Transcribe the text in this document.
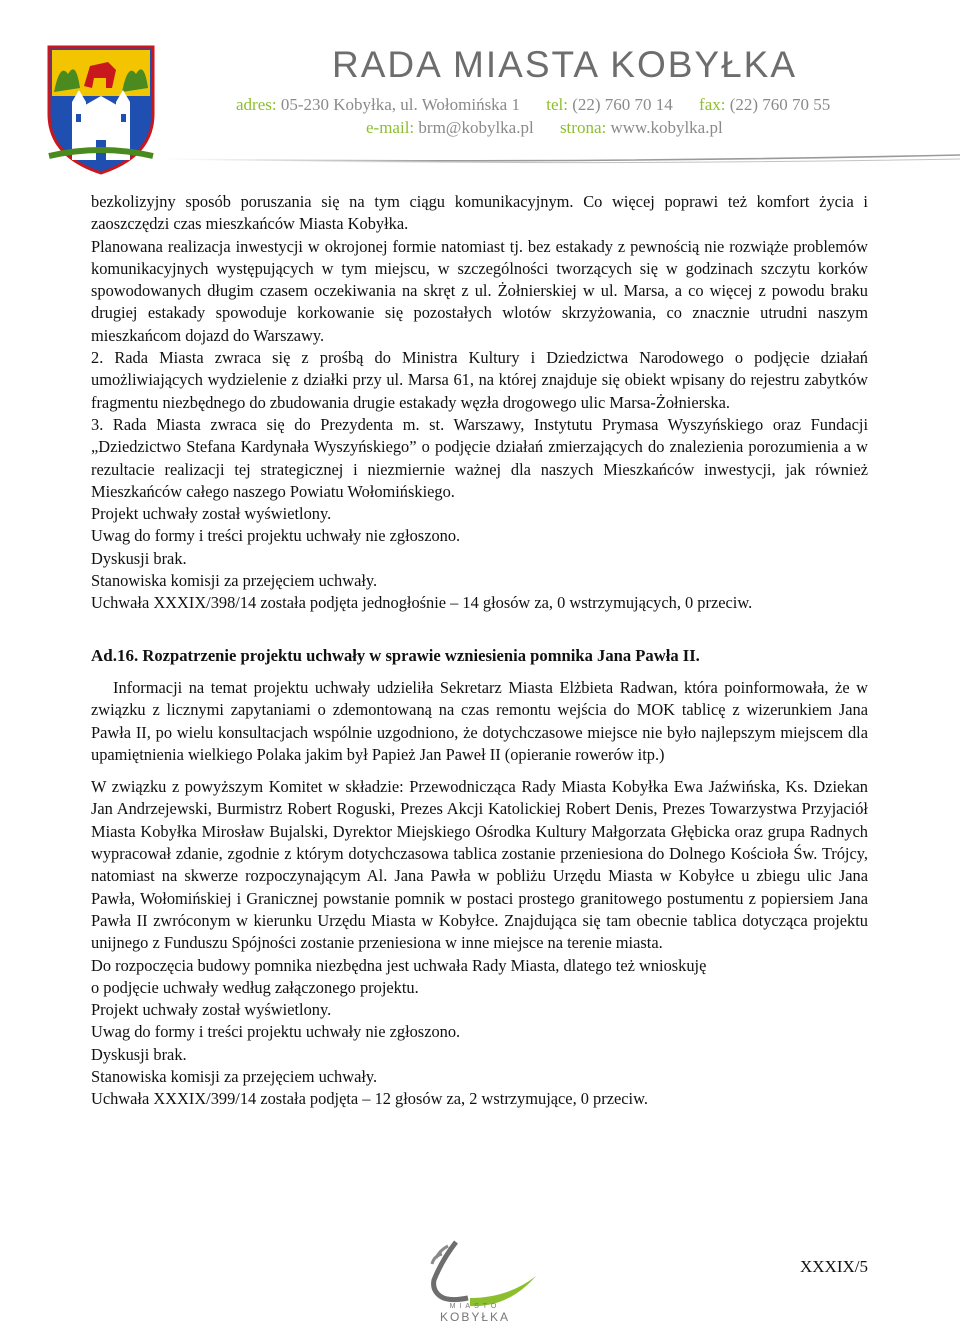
RADA MIASTA KOBYŁKA
adres: 05-230 Kobyłka, ul. Wołomińska 1 tel: (22) 760 70 14 fax: (22) 760 70 55
e-mail: brm@kobylka.pl strona: www.kobylka.pl

bezkolizyjny sposób poruszania się na tym ciągu komunikacyjnym. Co więcej poprawi też komfort życia i zaoszczędzi czas mieszkańców Miasta Kobyłka.

Planowana realizacja inwestycji w okrojonej formie natomiast tj. bez estakady z pewnością nie rozwiąże problemów komunikacyjnych występujących w tym miejscu, w szczególności tworzących się w godzinach szczytu korków spowodowanych długim czasem oczekiwania na skręt z ul. Żołnierskiej w ul. Marsa, a co więcej z powodu braku drugiej estakady spowoduje korkowanie się pozostałych wlotów skrzyżowania, co znacznie utrudni naszym mieszkańcom dojazd do Warszawy.

2. Rada Miasta zwraca się z prośbą do Ministra Kultury i Dziedzictwa Narodowego o podjęcie działań umożliwiających wydzielenie z działki przy ul. Marsa 61, na której znajduje się obiekt wpisany do rejestru zabytków fragmentu niezbędnego do zbudowania drugie estakady węzła drogowego ulic Marsa-Żołnierska.

3. Rada Miasta zwraca się do Prezydenta m. st. Warszawy, Instytutu Prymasa Wyszyńskiego oraz Fundacji „Dziedzictwo Stefana Kardynała Wyszyńskiego” o podjęcie działań zmierzających do znalezienia porozumienia a w rezultacie realizacji tej strategicznej i niezmiernie ważnej dla naszych Mieszkańców inwestycji, jak również Mieszkańców całego naszego Powiatu Wołomińskiego.

Projekt uchwały został wyświetlony.

Uwag do formy i treści projektu uchwały nie zgłoszono.

Dyskusji brak.

Stanowiska komisji za przejęciem uchwały.

Uchwała XXXIX/398/14 została podjęta jednogłośnie – 14 głosów za, 0 wstrzymujących, 0 przeciw.

Ad.16. Rozpatrzenie projektu uchwały w sprawie wzniesienia pomnika Jana Pawła II.

Informacji na temat projektu uchwały udzieliła Sekretarz Miasta Elżbieta Radwan, która poinformowała, że w związku z licznymi zapytaniami o zdemontowaną na czas remontu wejścia do MOK tablicę z wizerunkiem Jana Pawła II, po wielu konsultacjach wspólnie uzgodniono, że dotychczasowe miejsce nie było najlepszym miejscem dla upamiętnienia wielkiego Polaka jakim był Papież Jan Paweł II (opieranie rowerów itp.)

W związku z powyższym Komitet w składzie: Przewodnicząca Rady Miasta Kobyłka Ewa Jaźwińska, Ks. Dziekan Jan Andrzejewski, Burmistrz Robert Roguski, Prezes Akcji Katolickiej Robert Denis, Prezes Towarzystwa Przyjaciół Miasta Kobyłka Mirosław Bujalski, Dyrektor Miejskiego Ośrodka Kultury Małgorzata Głębicka oraz grupa Radnych wypracował zdanie, zgodnie z którym dotychczasowa tablica zostanie przeniesiona do Dolnego Kościoła Św. Trójcy, natomiast na skwerze rozpoczynającym Al. Jana Pawła w pobliżu Urzędu Miasta w Kobyłce u zbiegu ulic Jana Pawła, Wołomińskiej i Granicznej powstanie pomnik w postaci prostego granitowego postumentu z popiersiem Jana Pawła II zwróconym w kierunku Urzędu Miasta w Kobyłce. Znajdująca się tam obecnie tablica dotycząca projektu unijnego z Funduszu Spójności zostanie przeniesiona w inne miejsce na terenie miasta.

Do rozpoczęcia budowy pomnika niezbędna jest uchwała Rady Miasta, dlatego też wnioskuję

o podjęcie uchwały według załączonego projektu.

Projekt uchwały został wyświetlony.

Uwag do formy i treści projektu uchwały nie zgłoszono.

Dyskusji brak.

Stanowiska komisji za przejęciem uchwały.

Uchwała XXXIX/399/14 została podjęta – 12 głosów za, 2 wstrzymujące, 0 przeciw.

MIASTO
KOBYŁKA
XXXIX/5
